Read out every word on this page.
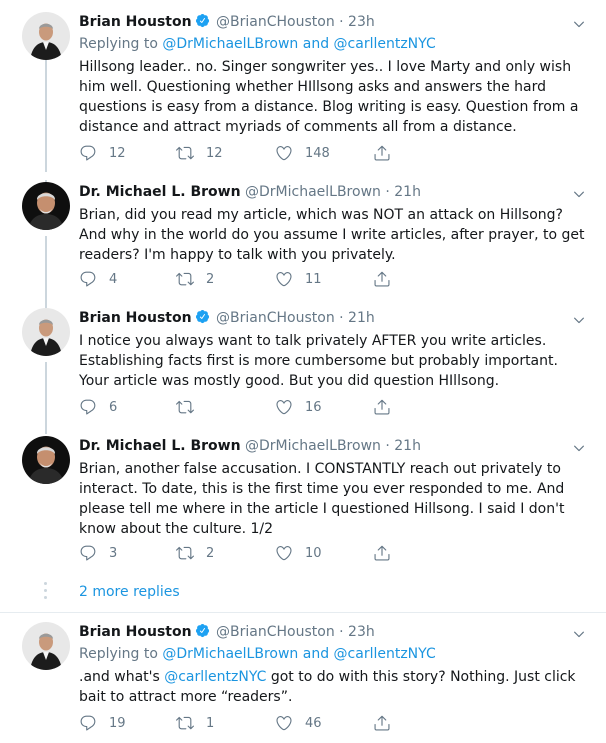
Brian Houston @BrianCHouston · 23h
Replying to @DrMichaelLBrown and @carllentzNYC
Hillsong leader.. no. Singer songwriter yes.. I love Marty and only wish him well. Questioning whether HIllsong asks and answers the hard questions is easy from a distance. Blog writing is easy. Question from a distance and attract myriads of comments all from a distance.
12	12	148
Dr. Michael L. Brown @DrMichaelLBrown · 21h
Brian, did you read my article, which was NOT an attack on Hillsong? And why in the world do you assume I write articles, after prayer, to get readers? I'm happy to talk with you privately.
4	2	11
Brian Houston @BrianCHouston · 21h
I notice you always want to talk privately AFTER you write articles. Establishing facts first is more cumbersome but probably important. Your article was mostly good. But you did question HIllsong.
6	16
Dr. Michael L. Brown @DrMichaelLBrown · 21h
Brian, another false accusation. I CONSTANTLY reach out privately to interact. To date, this is the first time you ever responded to me. And please tell me where in the article I questioned Hillsong. I said I don't know about the culture. 1/2
3	2	10
2 more replies
Brian Houston @BrianCHouston · 23h
Replying to @DrMichaelLBrown and @carllentzNYC
.and what's @carllentzNYC got to do with this story? Nothing. Just click bait to attract more “readers”.
19	1	46
